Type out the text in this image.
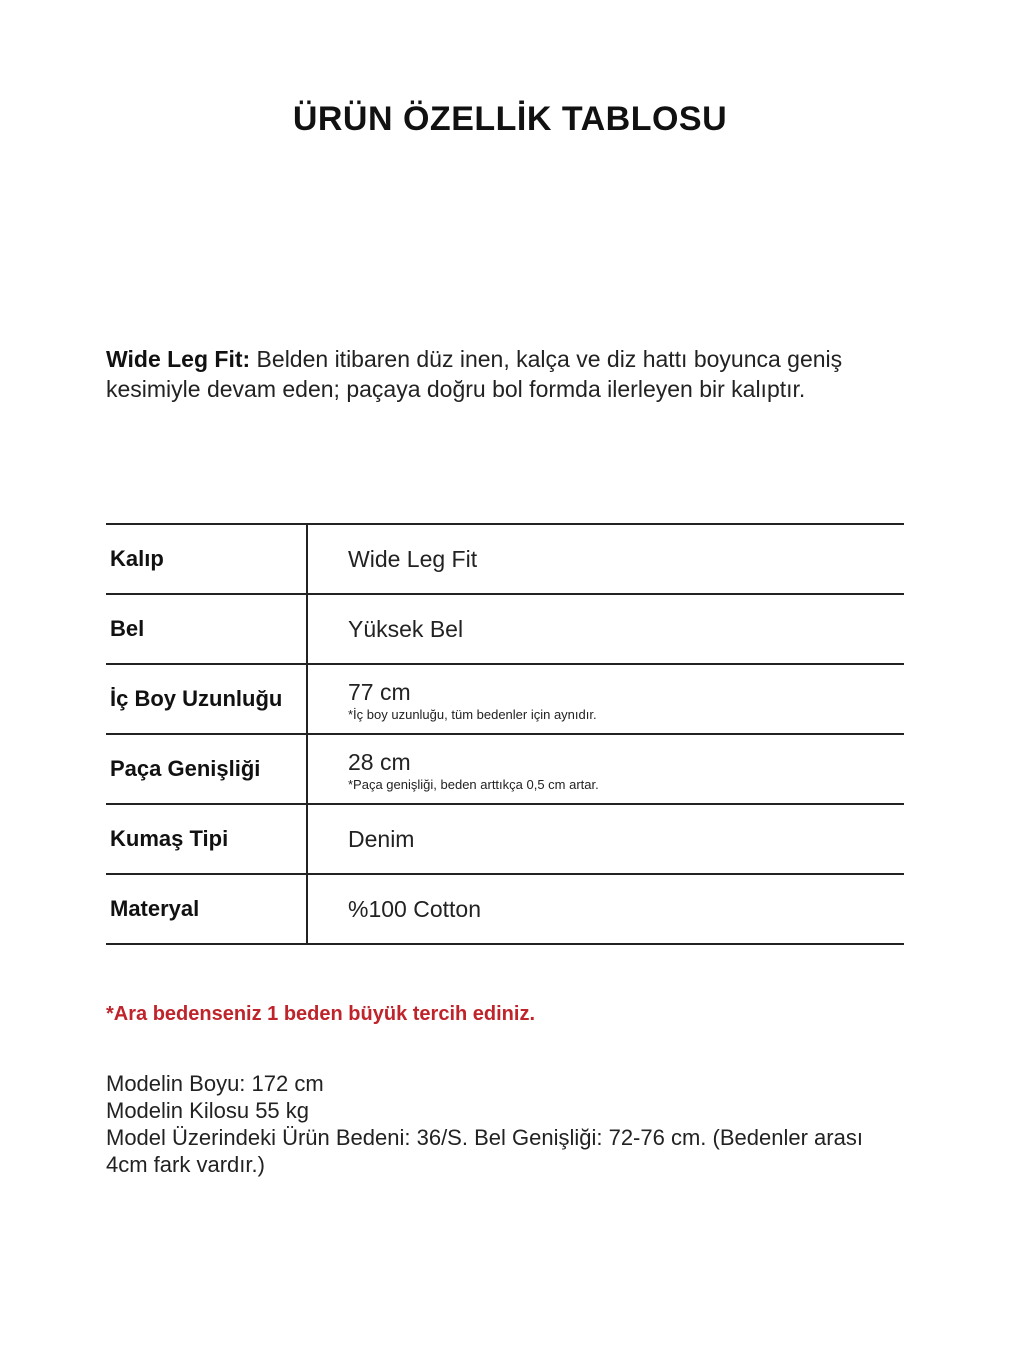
ÜRÜN ÖZELLİK TABLOSU
Wide Leg Fit: Belden itibaren düz inen, kalça ve diz hattı boyunca geniş kesimiyle devam eden; paçaya doğru bol formda ilerleyen bir kalıptır.
Kalıp	Wide Leg Fit
Bel	Yüksek Bel
İç Boy Uzunluğu	77 cm
*İç boy uzunluğu, tüm bedenler için aynıdır.
Paça Genişliği	28 cm
*Paça genişliği, beden arttıkça 0,5 cm artar.
Kumaş Tipi	Denim
Materyal	%100 Cotton
*Ara bedenseniz 1 beden büyük tercih ediniz.
Modelin Boyu: 172 cm
Modelin Kilosu 55 kg
Model Üzerindeki Ürün Bedeni: 36/S. Bel Genişliği: 72-76 cm. (Bedenler arası 4cm fark vardır.)
